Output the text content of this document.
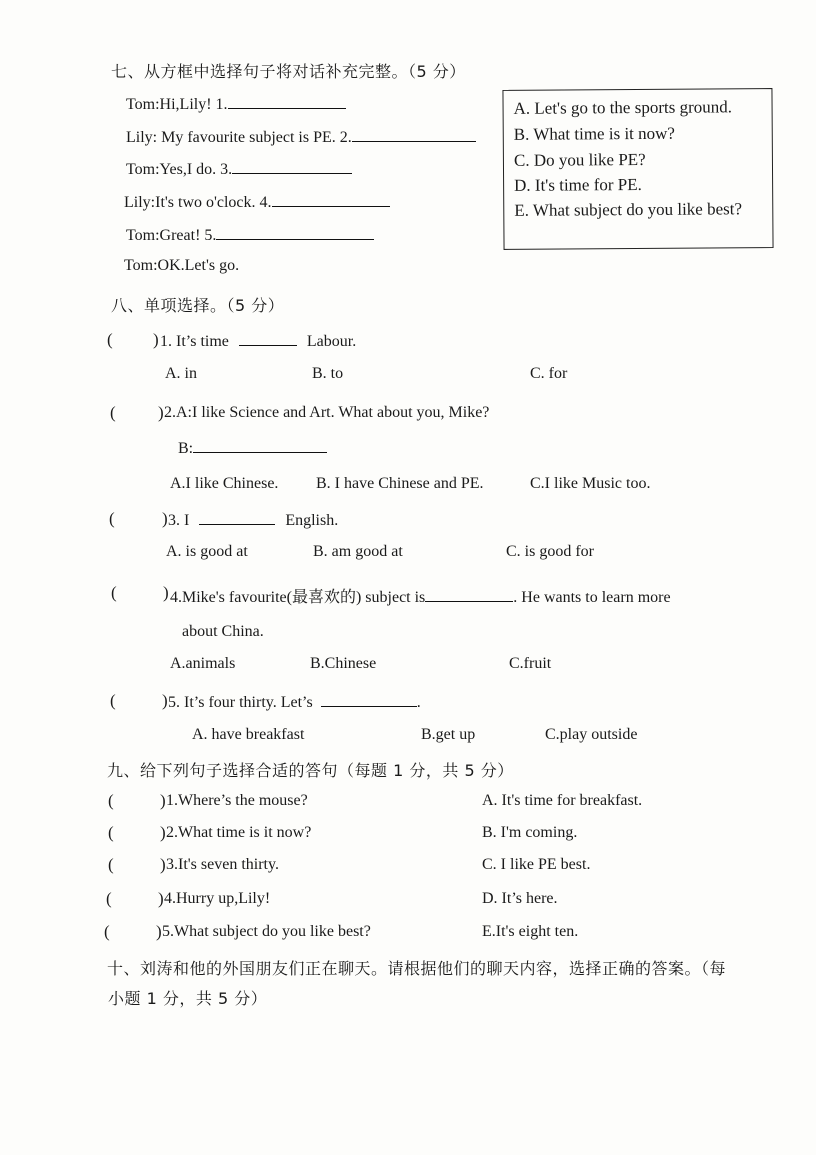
七、从方框中选择句子将对话补充完整。（5 分）
Tom:Hi,Lily! 1.
Lily: My favourite subject is PE. 2.
Tom:Yes,I do. 3.
Lily:It's two o'clock. 4.
Tom:Great! 5.
Tom:OK.Let's go.
A. Let's go to the sports ground.
B. What time is it now?
C. Do you like PE?
D. It's time for PE.
E. What subject do you like best?
八、单项选择。（5 分）
( ) 1. It’s time	Labour.
A. in	B. to	C. for
( ) 2.A:I like Science and Art. What about you, Mike?
B:
A.I like Chinese. B. I have Chinese and PE.	C.I like Music too.
(	) 3. I	English.
A. is good at	B. am good at	C. is good for
(	) 4.Mike's favourite(最喜欢的) subject is	. He wants to learn more
about China.
A.animals	B.Chinese	C.fruit
(	) 5. It’s four thirty. Let’s	.
A. have breakfast	B.get up	C.play outside
九、给下列句子选择合适的答句（每题 1 分，共 5 分）
(	) 1.Where’s the mouse?	A. It's time for breakfast.
(	) 2.What time is it now?	B. I'm coming.
(	) 3.It's seven thirty.	C. I like PE best.
(	) 4.Hurry up,Lily!	D. It’s here.
(	) 5.What subject do you like best?	E.It's eight ten.
十、刘涛和他的外国朋友们正在聊天。请根据他们的聊天内容，选择正确的答案。（每
小题 1 分，共 5 分）
